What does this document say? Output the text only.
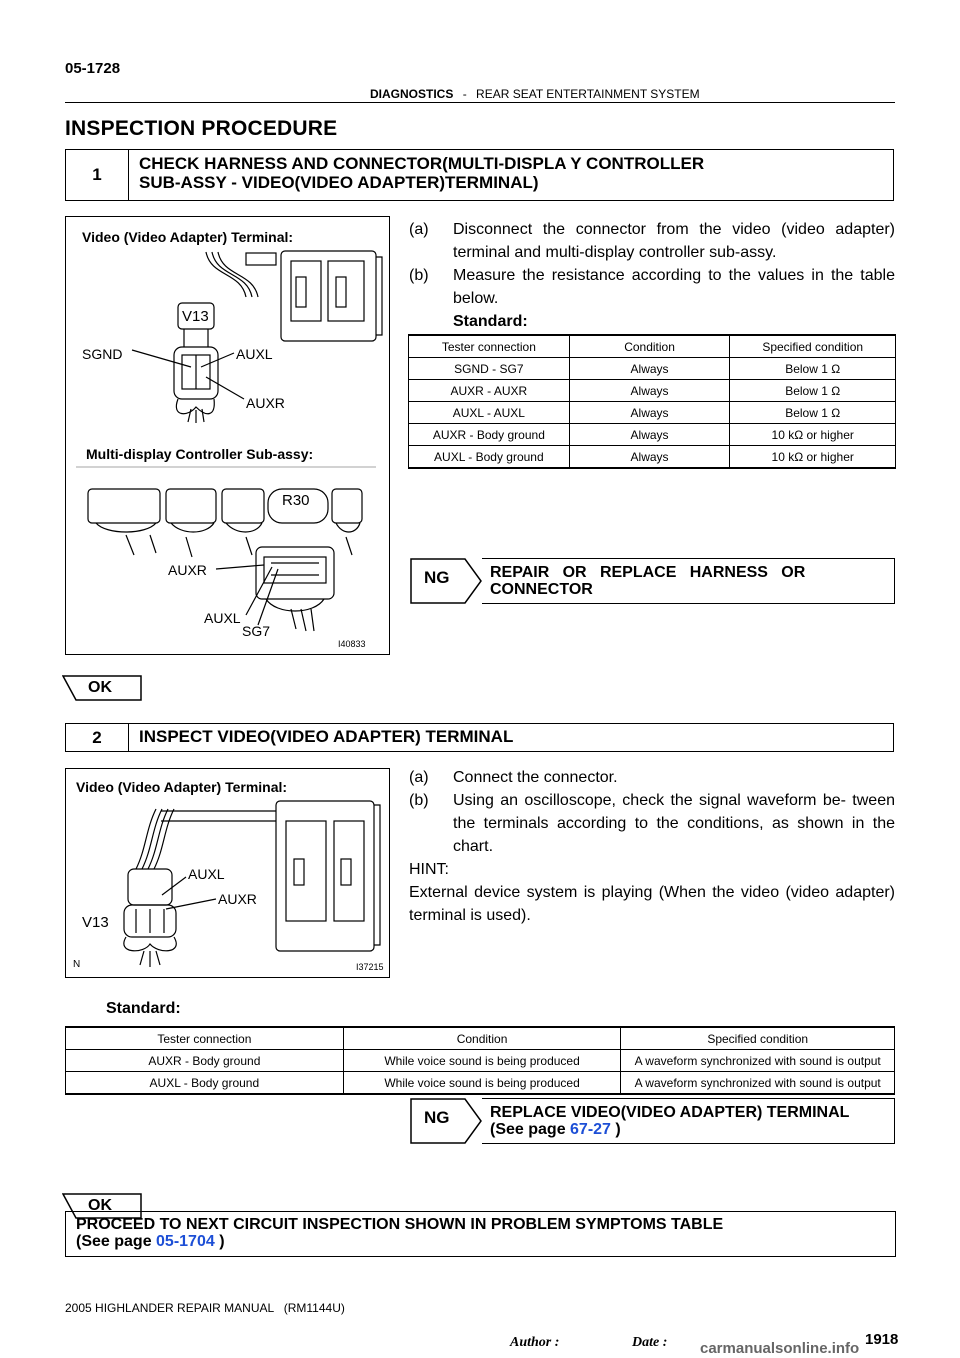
05-1728
DIAGNOSTICS - REAR SEAT ENTERTAINMENT SYSTEM
INSPECTION PROCEDURE
1
CHECK HARNESS AND CONNECTOR(MULTI-DISPLA Y CONTROLLER
SUB-ASSY - VIDEO(VIDEO ADAPTER)TERMINAL)
Video (Video Adapter) Terminal:
V13
SGND	AUXL
AUXR
Multi-display Controller Sub-assy:
R30
AUXR
AUXL
SG7
I40833
(a)	Disconnect the connector from the video (video adapter) terminal and multi-display controller sub-assy.
(b)	Measure the resistance according to the values in the table below.
Standard:
Tester connection	Condition	Specified condition
SGND - SG7	Always	Below 1 Ω
AUXR - AUXR	Always	Below 1 Ω
AUXL - AUXL	Always	Below 1 Ω
AUXR - Body ground	Always	10 kΩ or higher
AUXL - Body ground	Always	10 kΩ or higher
NG	REPAIR   OR   REPLACE   HARNESS   OR
CONNECTOR
OK
2	INSPECT VIDEO(VIDEO ADAPTER) TERMINAL
Video (Video Adapter) Terminal:
AUXL
AUXR
V13
N	I37215
(a)	Connect the connector.
(b)	Using an oscilloscope, check the signal waveform be- tween the terminals according to the conditions, as shown in the chart.
HINT:
External device system is playing (When the video (video adapter) terminal is used).
Standard:
Tester connection	Condition	Specified condition
AUXR - Body ground	While voice sound is being produced	A waveform synchronized with sound is output
AUXL - Body ground	While voice sound is being produced	A waveform synchronized with sound is output
NG	REPLACE VIDEO(VIDEO ADAPTER) TERMINAL
(See page 67-27 )
OK
PROCEED TO NEXT CIRCUIT INSPECTION SHOWN IN PROBLEM SYMPTOMS TABLE
(See page 05-1704 )
2005 HIGHLANDER REPAIR MANUAL   (RM1144U)
Author :	Date :	1918
carmanualsonline.info
